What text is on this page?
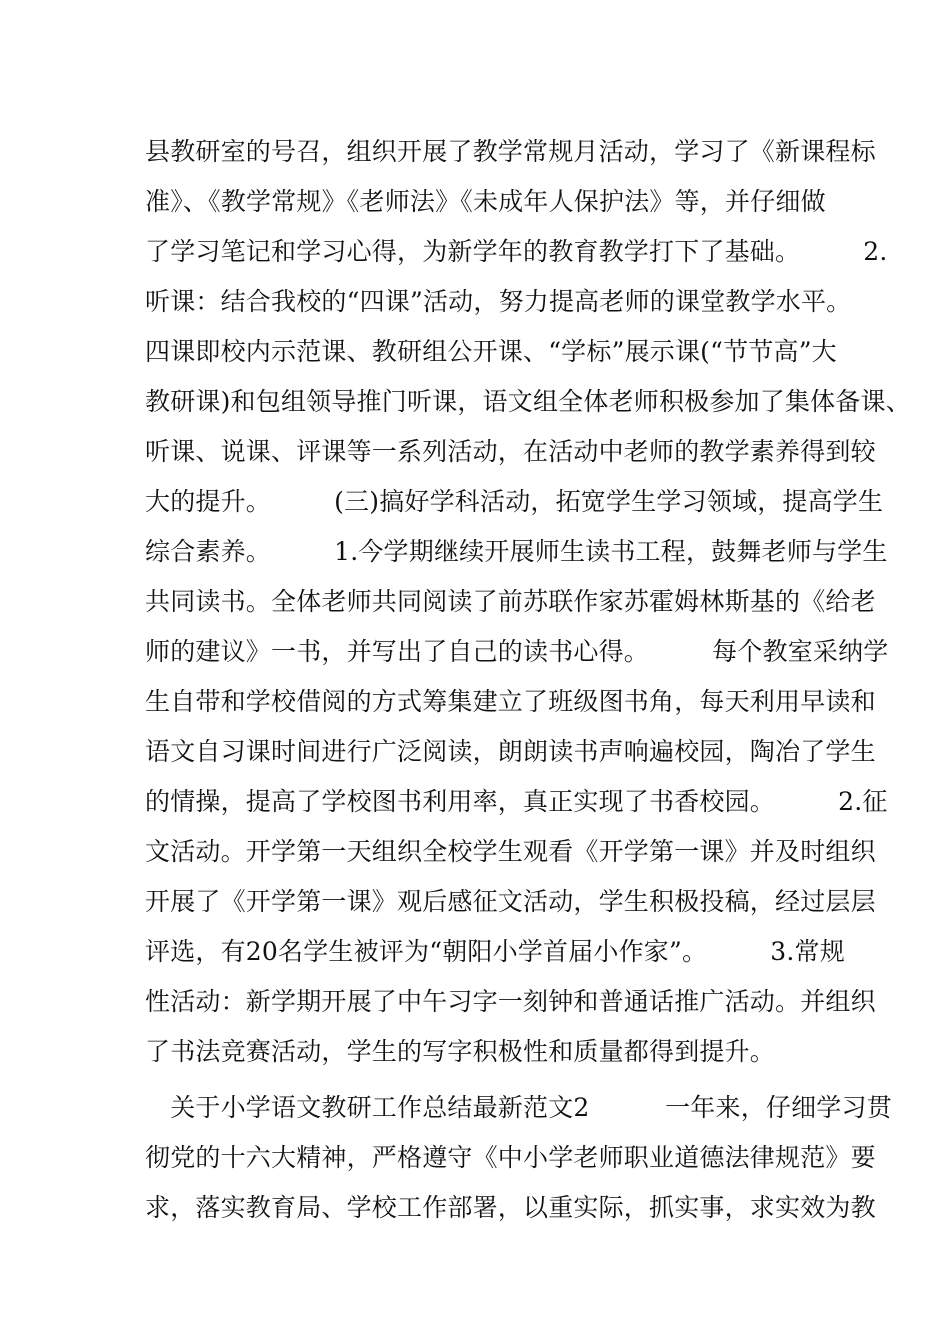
县教研室的号召，组织开展了教学常规月活动，学习了《新课程标
准》、《教学常规》《老师法》《未成年人保护法》等，并仔细做
了学习笔记和学习心得，为新学年的教育教学打下了基础。　　　2.
听课：结合我校的“四课”活动，努力提高老师的课堂教学水平。
四课即校内示范课、教研组公开课、“学标”展示课(“节节高”大
教研课)和包组领导推门听课，语文组全体老师积极参加了集体备课、
听课、说课、评课等一系列活动，在活动中老师的教学素养得到较
大的提升。　　　(三)搞好学科活动，拓宽学生学习领域，提高学生
综合素养。　　　1.今学期继续开展师生读书工程，鼓舞老师与学生
共同读书。全体老师共同阅读了前苏联作家苏霍姆林斯基的《给老
师的建议》一书，并写出了自己的读书心得。　　　每个教室采纳学
生自带和学校借阅的方式筹集建立了班级图书角，每天利用早读和
语文自习课时间进行广泛阅读，朗朗读书声响遍校园，陶冶了学生
的情操，提高了学校图书利用率，真正实现了书香校园。　　　2.征
文活动。开学第一天组织全校学生观看《开学第一课》并及时组织
开展了《开学第一课》观后感征文活动，学生积极投稿，经过层层
评选，有20名学生被评为“朝阳小学首届小作家”。　　　3.常规
性活动：新学期开展了中午习字一刻钟和普通话推广活动。并组织
了书法竞赛活动，学生的写字积极性和质量都得到提升。
　关于小学语文教研工作总结最新范文2　　　一年来，仔细学习贯
彻党的十六大精神，严格遵守《中小学老师职业道德法律规范》要
求，落实教育局、学校工作部署，以重实际，抓实事，求实效为教
